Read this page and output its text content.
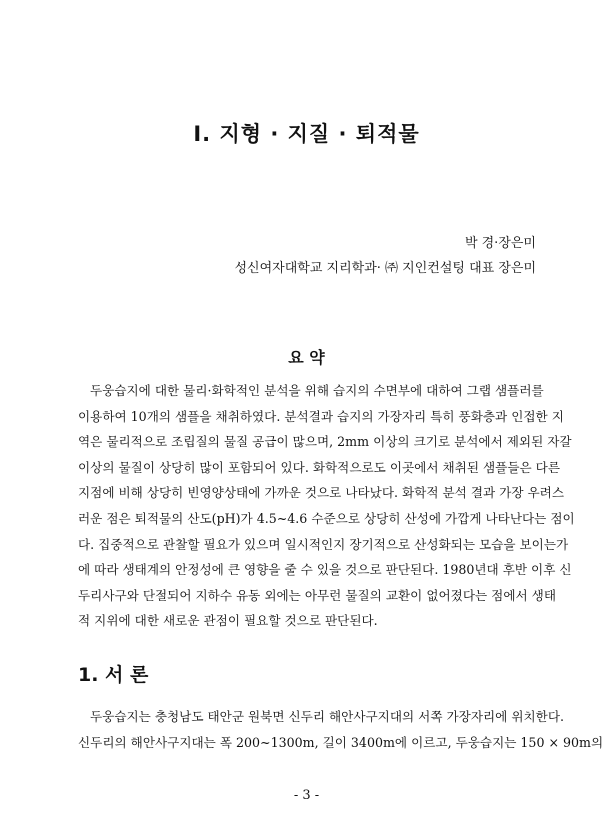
Ⅰ. 지형 · 지질 · 퇴적물
박 경·장은미
성신여자대학교 지리학과· ㈜ 지인컨설팅 대표 장은미
요 약
두웅습지에 대한 물리·화학적인 분석을 위해 습지의 수면부에 대하여 그랩 샘플러를
이용하여 10개의 샘플을 채취하였다. 분석결과 습지의 가장자리 특히 풍화층과 인접한 지
역은 물리적으로 조립질의 물질 공급이 많으며, 2mm 이상의 크기로 분석에서 제외된 자갈
이상의 물질이 상당히 많이 포함되어 있다. 화학적으로도 이곳에서 채취된 샘플들은 다른
지점에 비해 상당히 빈영양상태에 가까운 것으로 나타났다. 화학적 분석 결과 가장 우려스
러운 점은 퇴적물의 산도(pH)가 4.5~4.6 수준으로 상당히 산성에 가깝게 나타난다는 점이
다. 집중적으로 관찰할 필요가 있으며 일시적인지 장기적으로 산성화되는 모습을 보이는가
에 따라 생태계의 안정성에 큰 영향을 줄 수 있을 것으로 판단된다. 1980년대 후반 이후 신
두리사구와 단절되어 지하수 유동 외에는 아무런 물질의 교환이 없어졌다는 점에서 생태
적 지위에 대한 새로운 관점이 필요할 것으로 판단된다.
1. 서 론
두웅습지는 충청남도 태안군 원북면 신두리 해안사구지대의 서쪽 가장자리에 위치한다.
신두리의 해안사구지대는 폭 200~1300m, 길이 3400m에 이르고, 두웅습지는 150 × 90m의
- 3 -
